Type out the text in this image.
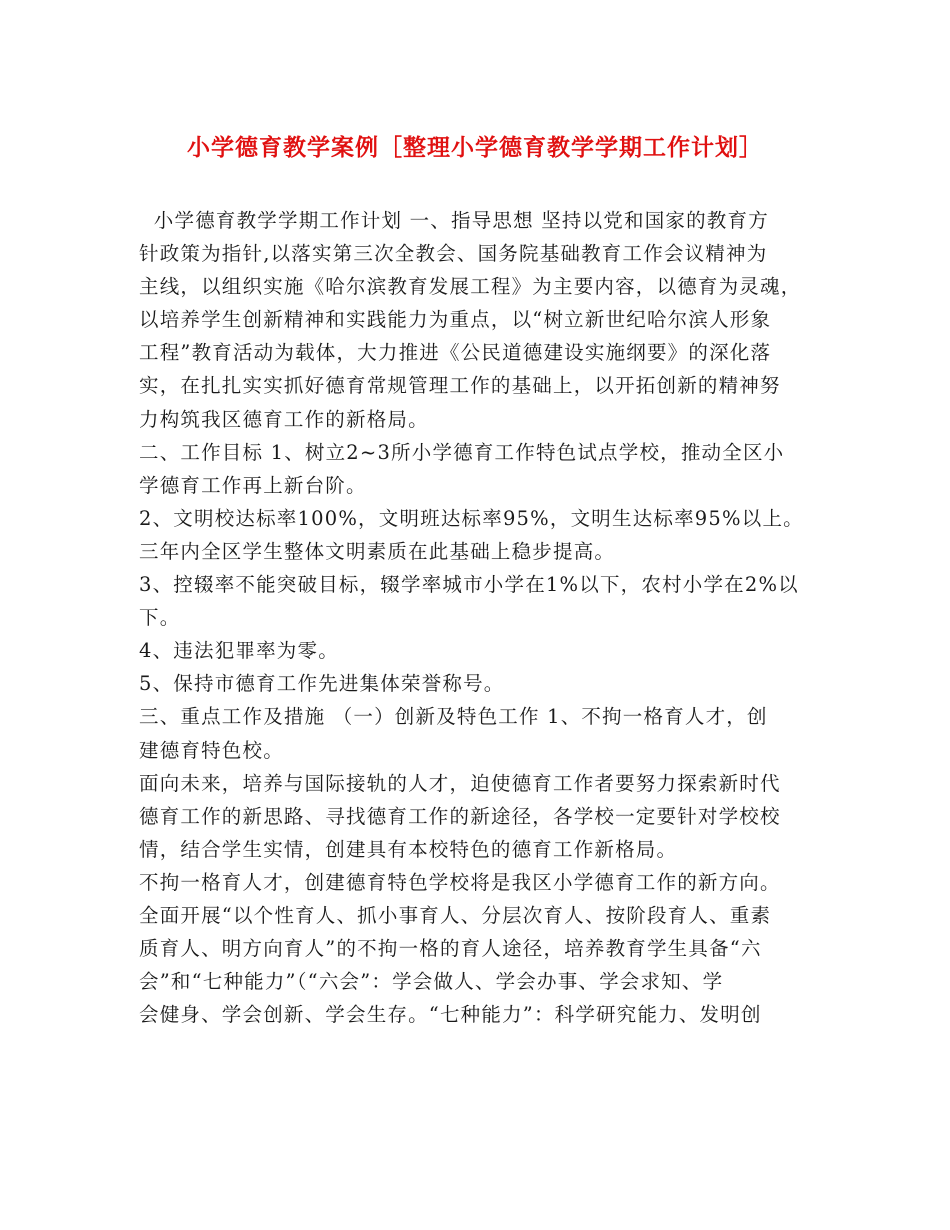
小学德育教学案例［整理小学德育教学学期工作计划］
小学德育教学学期工作计划 一、指导思想 坚持以党和国家的教育方
针政策为指针,以落实第三次全教会、国务院基础教育工作会议精神为
主线，以组织实施《哈尔滨教育发展工程》为主要内容，以德育为灵魂，
以培养学生创新精神和实践能力为重点，以“树立新世纪哈尔滨人形象
工程”教育活动为载体，大力推进《公民道德建设实施纲要》的深化落
实，在扎扎实实抓好德育常规管理工作的基础上，以开拓创新的精神努
力构筑我区德育工作的新格局。
二、工作目标 1、树立2~3所小学德育工作特色试点学校，推动全区小
学德育工作再上新台阶。
2、文明校达标率100%，文明班达标率95%，文明生达标率95%以上。
三年内全区学生整体文明素质在此基础上稳步提高。
3、控辍率不能突破目标，辍学率城市小学在1%以下，农村小学在2%以
下。
4、违法犯罪率为零。
5、保持市德育工作先进集体荣誉称号。
三、重点工作及措施 （一）创新及特色工作 1、不拘一格育人才，创
建德育特色校。
面向未来，培养与国际接轨的人才，迫使德育工作者要努力探索新时代
德育工作的新思路、寻找德育工作的新途径，各学校一定要针对学校校
情，结合学生实情，创建具有本校特色的德育工作新格局。
不拘一格育人才，创建德育特色学校将是我区小学德育工作的新方向。
全面开展“以个性育人、抓小事育人、分层次育人、按阶段育人、重素
质育人、明方向育人”的不拘一格的育人途径，培养教育学生具备“六
会”和“七种能力”（“六会”：学会做人、学会办事、学会求知、学
会健身、学会创新、学会生存。“七种能力”：科学研究能力、发明创
